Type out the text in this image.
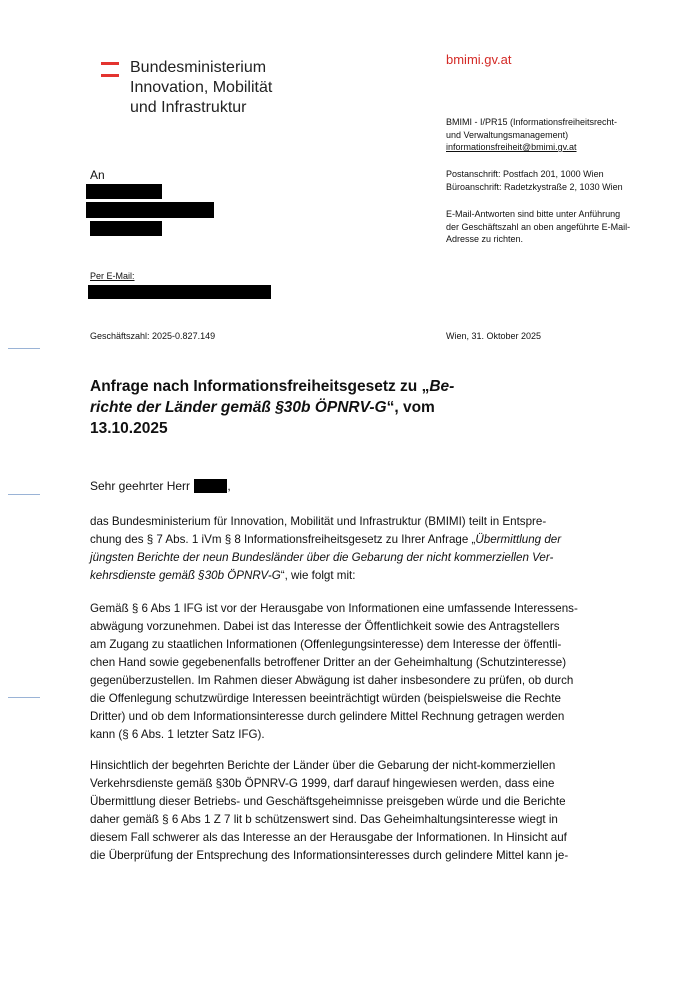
Bundesministerium
Innovation, Mobilität
und Infrastruktur
bmimi.gv.at
BMIMI - I/PR15 (Informationsfreiheitsrecht-
und Verwaltungsmanagement)
informationsfreiheit@bmimi.gv.at
Postanschrift: Postfach 201, 1000 Wien
Büroanschrift: Radetzkystraße 2, 1030 Wien
E-Mail-Antworten sind bitte unter Anführung
der Geschäftszahl an oben angeführte E-Mail-
Adresse zu richten.
An
Per E-Mail:
Geschäftszahl: 2025-0.827.149	Wien, 31. Oktober 2025
Anfrage nach Informationsfreiheitsgesetz zu „Be-
richte der Länder gemäß §30b ÖPNRV-G“, vom
13.10.2025
Sehr geehrter Herr	,
das Bundesministerium für Innovation, Mobilität und Infrastruktur (BMIMI) teilt in Entspre-
chung des § 7 Abs. 1 iVm § 8 Informationsfreiheitsgesetz zu Ihrer Anfrage „Übermittlung der
jüngsten Berichte der neun Bundesländer über die Gebarung der nicht kommerziellen Ver-
kehrsdienste gemäß §30b ÖPNRV-G“, wie folgt mit:
Gemäß § 6 Abs 1 IFG ist vor der Herausgabe von Informationen eine umfassende Interessens-
abwägung vorzunehmen. Dabei ist das Interesse der Öffentlichkeit sowie des Antragstellers
am Zugang zu staatlichen Informationen (Offenlegungsinteresse) dem Interesse der öffentli-
chen Hand sowie gegebenenfalls betroffener Dritter an der Geheimhaltung (Schutzinteresse)
gegenüberzustellen. Im Rahmen dieser Abwägung ist daher insbesondere zu prüfen, ob durch
die Offenlegung schutzwürdige Interessen beeinträchtigt würden (beispielsweise die Rechte
Dritter) und ob dem Informationsinteresse durch gelindere Mittel Rechnung getragen werden
kann (§ 6 Abs. 1 letzter Satz IFG).
Hinsichtlich der begehrten Berichte der Länder über die Gebarung der nicht-kommerziellen
Verkehrsdienste gemäß §30b ÖPNRV-G 1999, darf darauf hingewiesen werden, dass eine
Übermittlung dieser Betriebs- und Geschäftsgeheimnisse preisgeben würde und die Berichte
daher gemäß § 6 Abs 1 Z 7 lit b schützenswert sind. Das Geheimhaltungsinteresse wiegt in
diesem Fall schwerer als das Interesse an der Herausgabe der Informationen. In Hinsicht auf
die Überprüfung der Entsprechung des Informationsinteresses durch gelindere Mittel kann je-
